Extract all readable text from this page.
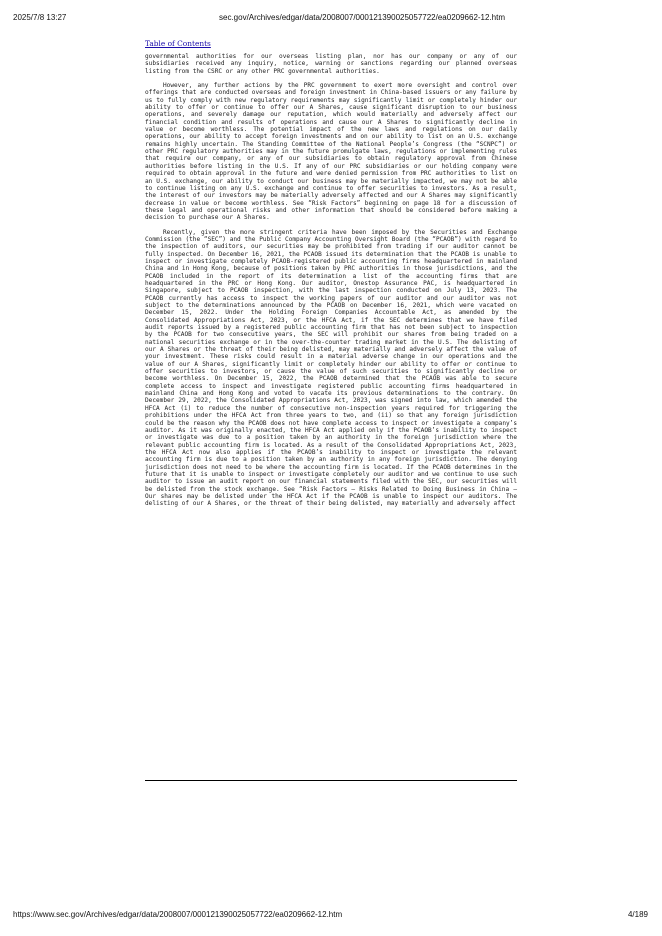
2025/7/8 13:27	sec.gov/Archives/edgar/data/2008007/000121390025057722/ea0209662-12.htm
Table of Contents

governmental authorities for our overseas listing plan, nor has our company or any of our subsidiaries received any inquiry, notice, warning or sanctions regarding our planned overseas listing from the CSRC or any other PRC governmental authorities.

However, any further actions by the PRC government to exert more oversight and control over offerings that are conducted overseas and foreign investment in China-based issuers or any failure by us to fully comply with new regulatory requirements may significantly limit or completely hinder our ability to offer or continue to offer our A Shares, cause significant disruption to our business operations, and severely damage our reputation, which would materially and adversely affect our financial condition and results of operations and cause our A Shares to significantly decline in value or become worthless. The potential impact of the new laws and regulations on our daily operations, our ability to accept foreign investments and on our ability to list on an U.S. exchange remains highly uncertain. The Standing Committee of the National People’s Congress (the “SCNPC”) or other PRC regulatory authorities may in the future promulgate laws, regulations or implementing rules that require our company, or any of our subsidiaries to obtain regulatory approval from Chinese authorities before listing in the U.S. If any of our PRC subsidiaries or our holding company were required to obtain approval in the future and were denied permission from PRC authorities to list on an U.S. exchange, our ability to conduct our business may be materially impacted, we may not be able to continue listing on any U.S. exchange and continue to offer securities to investors. As a result, the interest of our investors may be materially adversely affected and our A Shares may significantly decrease in value or become worthless. See “Risk Factors” beginning on page 18 for a discussion of these legal and operational risks and other information that should be considered before making a decision to purchase our A Shares.

Recently, given the more stringent criteria have been imposed by the Securities and Exchange Commission (the “SEC”) and the Public Company Accounting Oversight Board (the “PCAOB”) with regard to the inspection of auditors, our securities may be prohibited from trading if our auditor cannot be fully inspected. On December 16, 2021, the PCAOB issued its determination that the PCAOB is unable to inspect or investigate completely PCAOB-registered public accounting firms headquartered in mainland China and in Hong Kong, because of positions taken by PRC authorities in those jurisdictions, and the PCAOB included in the report of its determination a list of the accounting firms that are headquartered in the PRC or Hong Kong. Our auditor, Onestop Assurance PAC, is headquartered in Singapore, subject to PCAOB inspection, with the last inspection conducted on July 13, 2023. The PCAOB currently has access to inspect the working papers of our auditor and our auditor was not subject to the determinations announced by the PCAOB on December 16, 2021, which were vacated on December 15, 2022. Under the Holding Foreign Companies Accountable Act, as amended by the Consolidated Appropriations Act, 2023, or the HFCA Act, if the SEC determines that we have filed audit reports issued by a registered public accounting firm that has not been subject to inspection by the PCAOB for two consecutive years, the SEC will prohibit our shares from being traded on a national securities exchange or in the over-the-counter trading market in the U.S. The delisting of our A Shares or the threat of their being delisted, may materially and adversely affect the value of your investment. These risks could result in a material adverse change in our operations and the value of our A Shares, significantly limit or completely hinder our ability to offer or continue to offer securities to investors, or cause the value of such securities to significantly decline or become worthless. On December 15, 2022, the PCAOB determined that the PCAOB was able to secure complete access to inspect and investigate registered public accounting firms headquartered in mainland China and Hong Kong and voted to vacate its previous determinations to the contrary. On December 29, 2022, the Consolidated Appropriations Act, 2023, was signed into law, which amended the HFCA Act (i) to reduce the number of consecutive non-inspection years required for triggering the prohibitions under the HFCA Act from three years to two, and (ii) so that any foreign jurisdiction could be the reason why the PCAOB does not have complete access to inspect or investigate a company’s auditor. As it was originally enacted, the HFCA Act applied only if the PCAOB’s inability to inspect or investigate was due to a position taken by an authority in the foreign jurisdiction where the relevant public accounting firm is located. As a result of the Consolidated Appropriations Act, 2023, the HFCA Act now also applies if the PCAOB’s inability to inspect or investigate the relevant accounting firm is due to a position taken by an authority in any foreign jurisdiction. The denying jurisdiction does not need to be where the accounting firm is located. If the PCAOB determines in the future that it is unable to inspect or investigate completely our auditor and we continue to use such auditor to issue an audit report on our financial statements filed with the SEC, our securities will be delisted from the stock exchange. See “Risk Factors — Risks Related to Doing Business in China — Our shares may be delisted under the HFCA Act if the PCAOB is unable to inspect our auditors. The delisting of our A Shares, or the threat of their being delisted, may materially and adversely affect

https://www.sec.gov/Archives/edgar/data/2008007/000121390025057722/ea0209662-12.htm	4/189
